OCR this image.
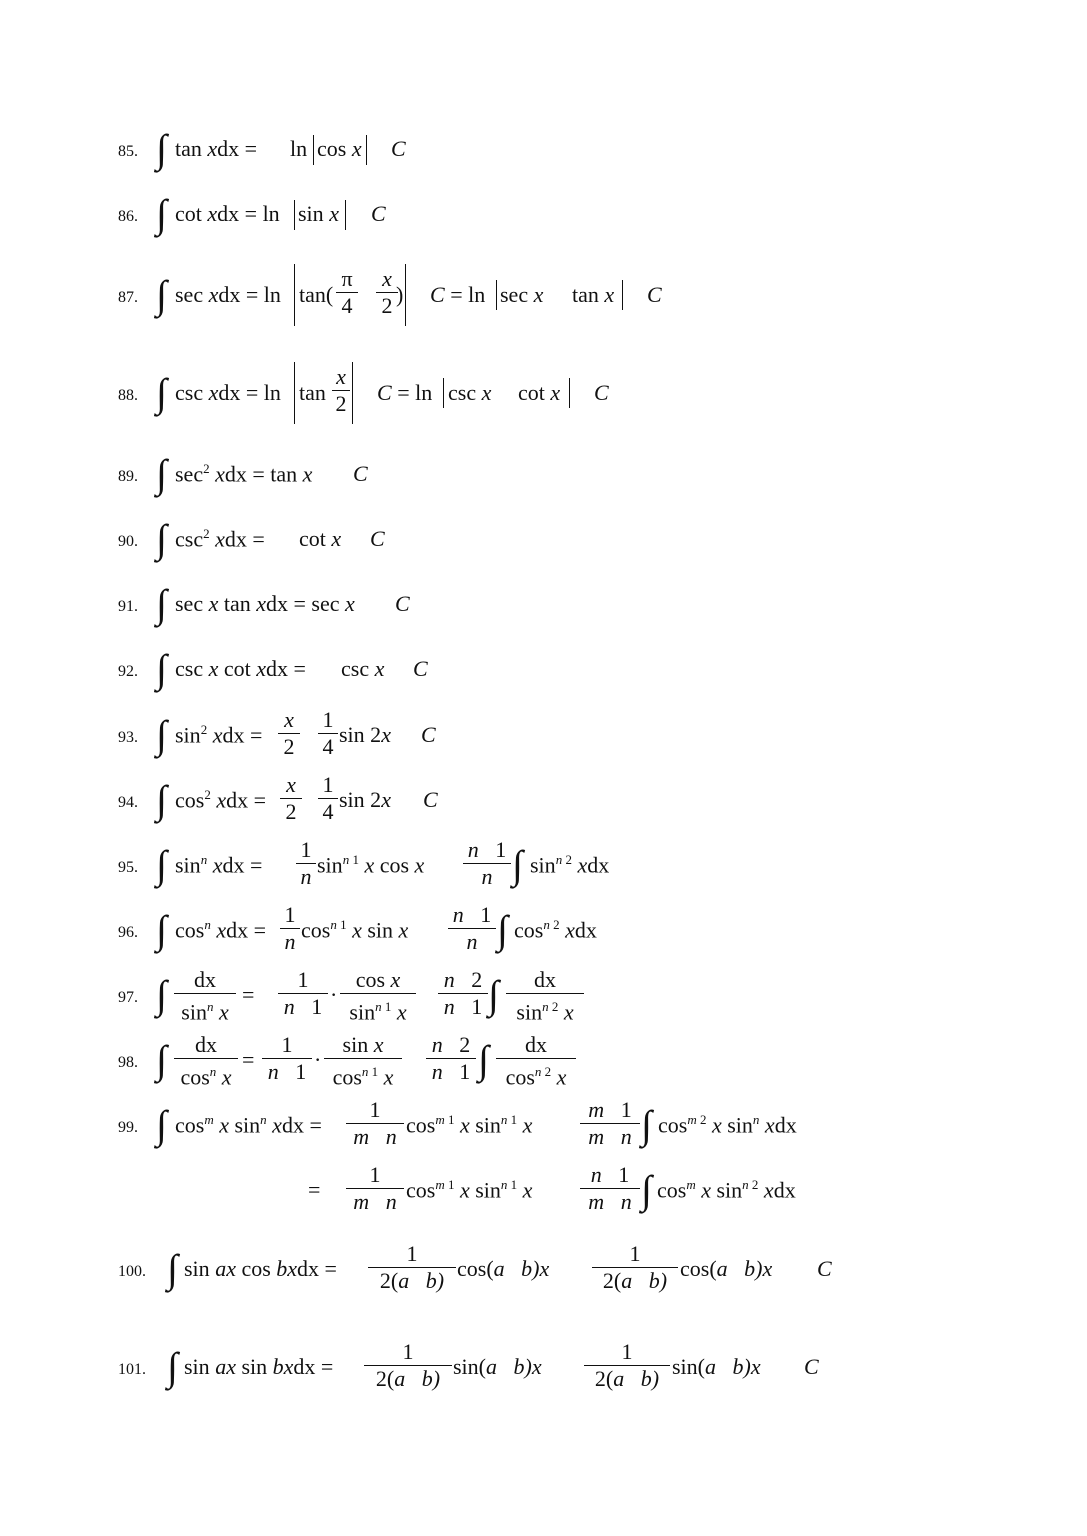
85. ∫ tan xdx = ln cos x C
86. ∫ cot xdx = ln sin x C
87. ∫ sec xdx = ln tan(
π
4
x
2 ) C = ln sec x tan x C
88. ∫ csc xdx = ln tan
x
2 C = ln csc x cot x C
89. ∫ $\sec^2$ xdx = tan x C
90. ∫ $\csc^2$ xdx = cot x C
91. ∫ sec x tan xdx = sec x C
92. ∫ csc x cot xdx = csc x C
93. ∫ $\sin^2$ xdx =
x
2
1
4 sin 2x C
94. ∫ $\cos^2$ xdx =
x
2
1
4 sin 2x C
95. ∫ $\sin^n$ xdx =
1
n $\sin^{n 1} x$ cos x
n 1
n ∫ $\sin^{n 2}$ xdx
96. ∫ $\cos^n$ xdx =
1
n $\cos^{n 1} x$ sin x
n 1
n ∫ $\cos^{n 2}$ xdx
97. ∫	dx
$\sin^n x$
=
1
n 1 ·
cos x
$\sin^{n 1} x$
n 2
n 1 ∫	dx
$\sin^{n 2} x$
98. ∫	dx
$\cos^n x$
=
1
n 1 ·
sin x
$\cos^{n 1} x$
n 2
n 1 ∫	dx
$\cos^{n 2} x$
99. ∫ $\cos^m x$ $\sin^n$ xdx =
1
m n $\cos^{m 1} x$ $\sin^{n 1} x$
m 1
m n ∫ $\cos^{m 2} x$ $\sin^n$ xdx
=
1
m n $\cos^{m 1} x$ $\sin^{n 1} x$
n 1
m n ∫ $\cos^m x$ $\sin^{n 2}$ xdx
100. ∫ sin ax cos bxdx =
1
2(a b) cos(a b)x
1
2(a b) cos(a b)x C
101. ∫ sin ax sin bxdx =
1
2(a b) sin(a b)x
1
2(a b) sin(a b)x C
